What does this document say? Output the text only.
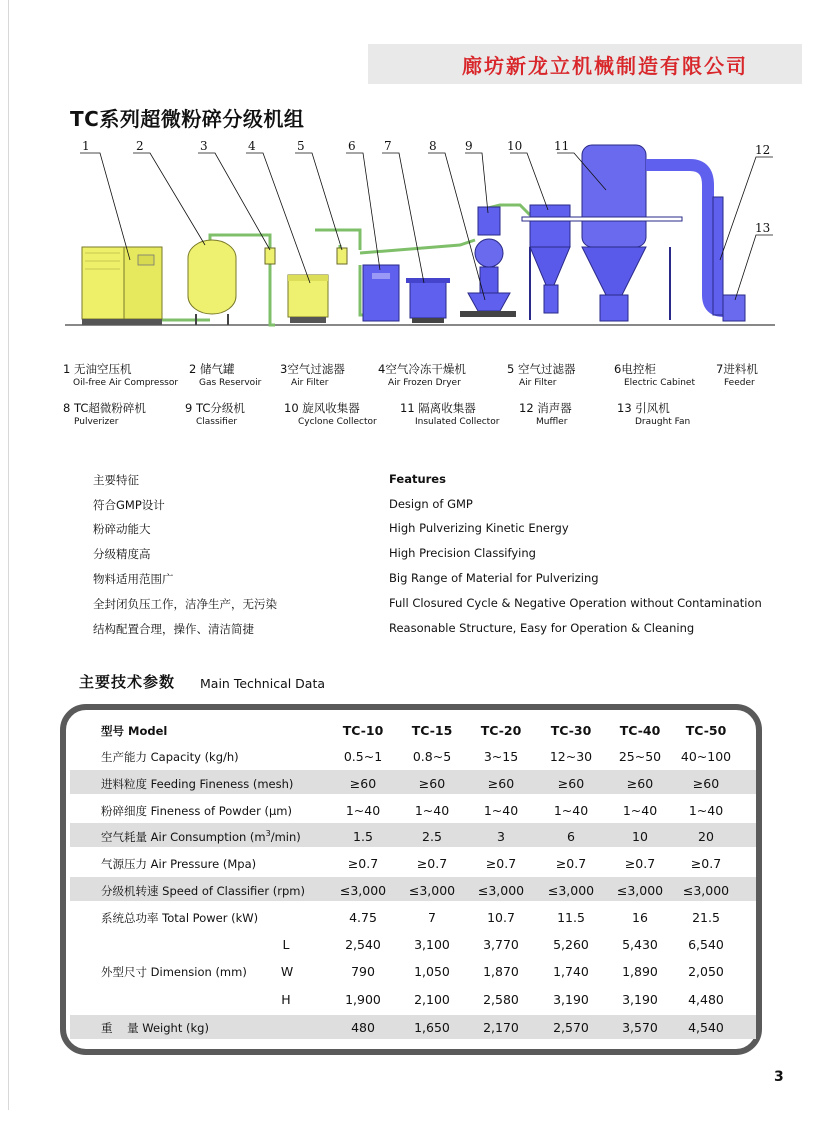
廊坊新龙立机械制造有限公司
TC系列超微粉碎分级机组
1	2	3	4	5	6 7	8 9	10	11	12
13
1 无油空压机
Oil-free Air Compressor
2 储气罐
Gas Reservoir
3空气过滤器
Air Filter
4空气冷冻干燥机
Air Frozen Dryer
5 空气过滤器
Air Filter
6电控柜
Electric Cabinet
7进料机
Feeder
8 TC超微粉碎机
Pulverizer
9 TC分级机
Classifier
10 旋风收集器
Cyclone Collector
11 隔离收集器
Insulated Collector
12 消声器
Muffler
13 引风机
Draught Fan
主要特征	Features
符合GMP设计	Design of GMP
粉碎动能大	High Pulverizing Kinetic Energy
分级精度高	High Precision Classifying
物料适用范围广	Big Range of Material for Pulverizing
全封闭负压工作，洁净生产，无污染	Full Closured Cycle & Negative Operation without Contamination
结构配置合理，操作、清洁简捷	Reasonable Structure, Easy for Operation & Cleaning
主要技术参数 Main Technical Data
型号 Model	TC-10 TC-15 TC-20 TC-30 TC-40 TC-50
生产能力 Capacity (kg/h)	0.5~1 0.8~5	3~15	12~30 25~50 40~100
进料粒度 Feeding Fineness (mesh)	≥60	≥60	≥60	≥60	≥60	≥60
粉碎细度 Fineness of Powder (μm)	1~40	1~40	1~40	1~40	1~40	1~40
空气耗量 Air Consumption $(m^3/\min)$	1.5	2.5	3	6	10	20
气源压力 Air Pressure (Mpa)	≥0.7	≥0.7	≥0.7	≥0.7	≥0.7	≥0.7
分级机转速 Speed of Classifier (rpm)	≤3,000 ≤3,000 ≤3,000 ≤3,000 ≤3,000 ≤3,000
系统总功率 Total Power (kW)	4.75	7	10.7	11.5	16	21.5
外型尺寸 Dimension (mm)
L	2,540	3,100	3,770	5,260	5,430 6,540
W	790	1,050	1,870	1,740	1,890 2,050
H	1,900	2,100	2,580	3,190	3,190 4,480
重    量 Weight (kg)	480	1,650	2,170	2,570	3,570 4,540
3
